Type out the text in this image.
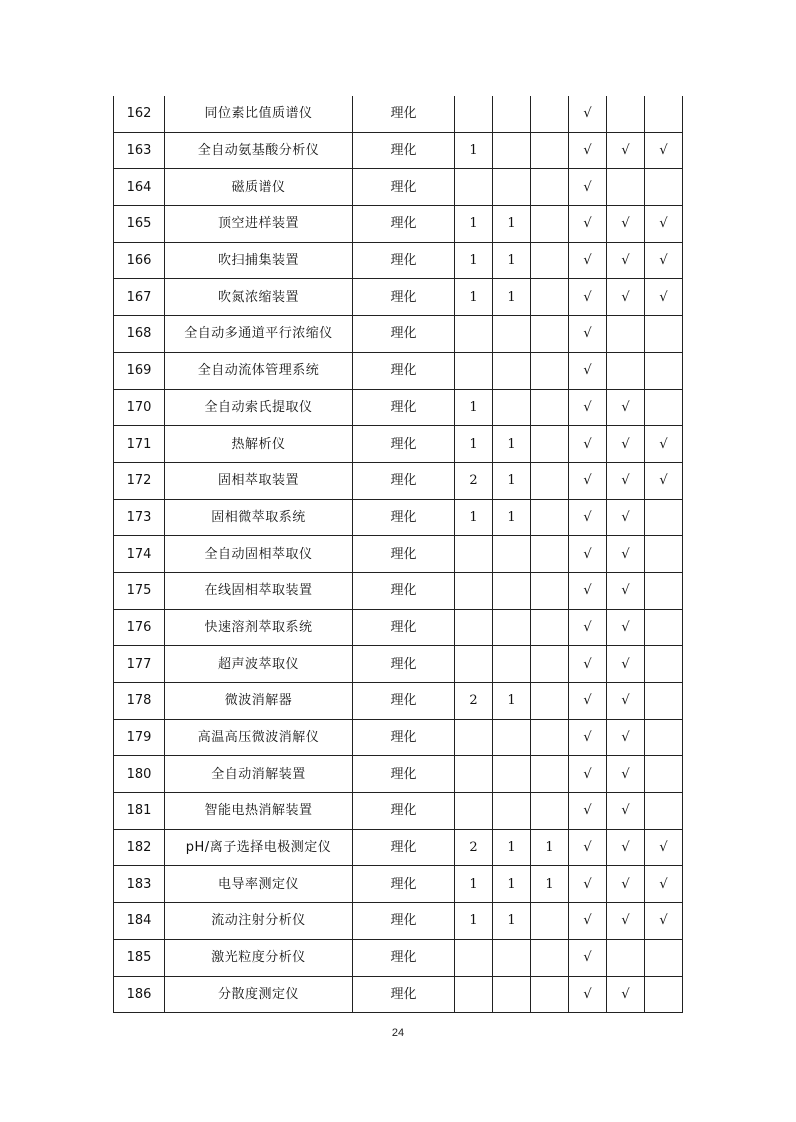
162	同位素比值质谱仪	理化				√		
163	全自动氨基酸分析仪	理化	1			√	√	√
164	磁质谱仪	理化				√		
165	顶空进样装置	理化	1	1		√	√	√
166	吹扫捕集装置	理化	1	1		√	√	√
167	吹氮浓缩装置	理化	1	1		√	√	√
168	全自动多通道平行浓缩仪	理化				√		
169	全自动流体管理系统	理化				√		
170	全自动索氏提取仪	理化	1			√	√	
171	热解析仪	理化	1	1		√	√	√
172	固相萃取装置	理化	2	1		√	√	√
173	固相微萃取系统	理化	1	1		√	√	
174	全自动固相萃取仪	理化				√	√	
175	在线固相萃取装置	理化				√	√	
176	快速溶剂萃取系统	理化				√	√	
177	超声波萃取仪	理化				√	√	
178	微波消解器	理化	2	1		√	√	
179	高温高压微波消解仪	理化				√	√	
180	全自动消解装置	理化				√	√	
181	智能电热消解装置	理化				√	√	
182	pH/离子选择电极测定仪	理化	2	1	1	√	√	√
183	电导率测定仪	理化	1	1	1	√	√	√
184	流动注射分析仪	理化	1	1		√	√	√
185	激光粒度分析仪	理化				√		
186	分散度测定仪	理化				√	√	
24
